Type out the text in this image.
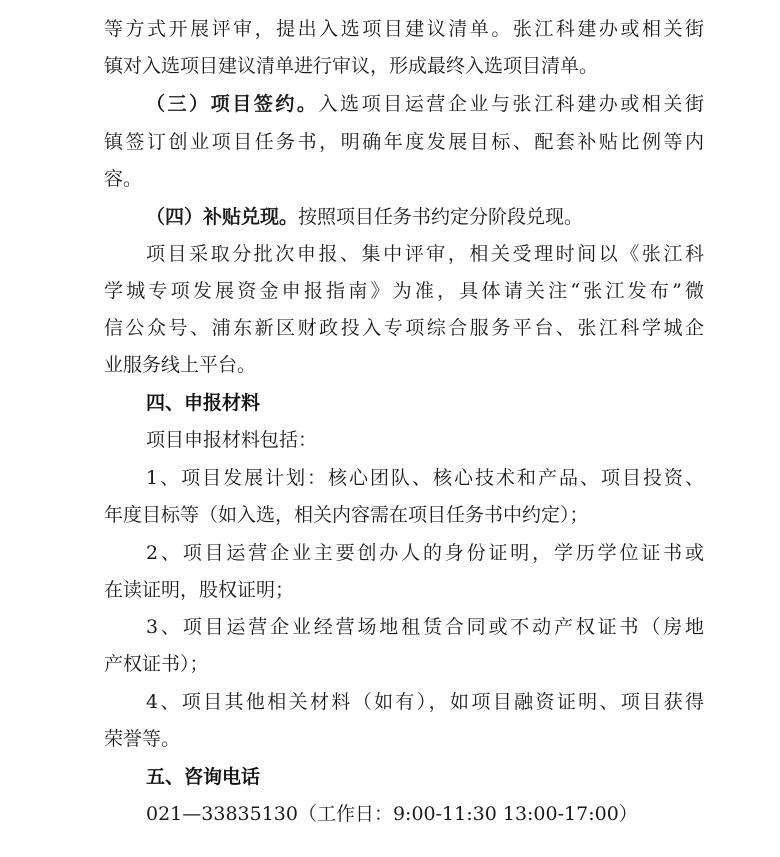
等方式开展评审，提出入选项目建议清单。张江科建办或相关街
镇对入选项目建议清单进行审议，形成最终入选项目清单。
（三）项目签约。入选项目运营企业与张江科建办或相关街
镇签订创业项目任务书，明确年度发展目标、配套补贴比例等内
容。
（四）补贴兑现。按照项目任务书约定分阶段兑现。
项目采取分批次申报、集中评审，相关受理时间以《张江科
学城专项发展资金申报指南》为准，具体请关注“张江发布”微
信公众号、浦东新区财政投入专项综合服务平台、张江科学城企
业服务线上平台。
四、申报材料
项目申报材料包括：
1、项目发展计划：核心团队、核心技术和产品、项目投资、
年度目标等（如入选，相关内容需在项目任务书中约定）；
2、项目运营企业主要创办人的身份证明，学历学位证书或
在读证明，股权证明；
3、项目运营企业经营场地租赁合同或不动产权证书（房地
产权证书）；
4、项目其他相关材料（如有），如项目融资证明、项目获得
荣誉等。
五、咨询电话
021—33835130（工作日：9:00-11:30 13:00-17:00）
